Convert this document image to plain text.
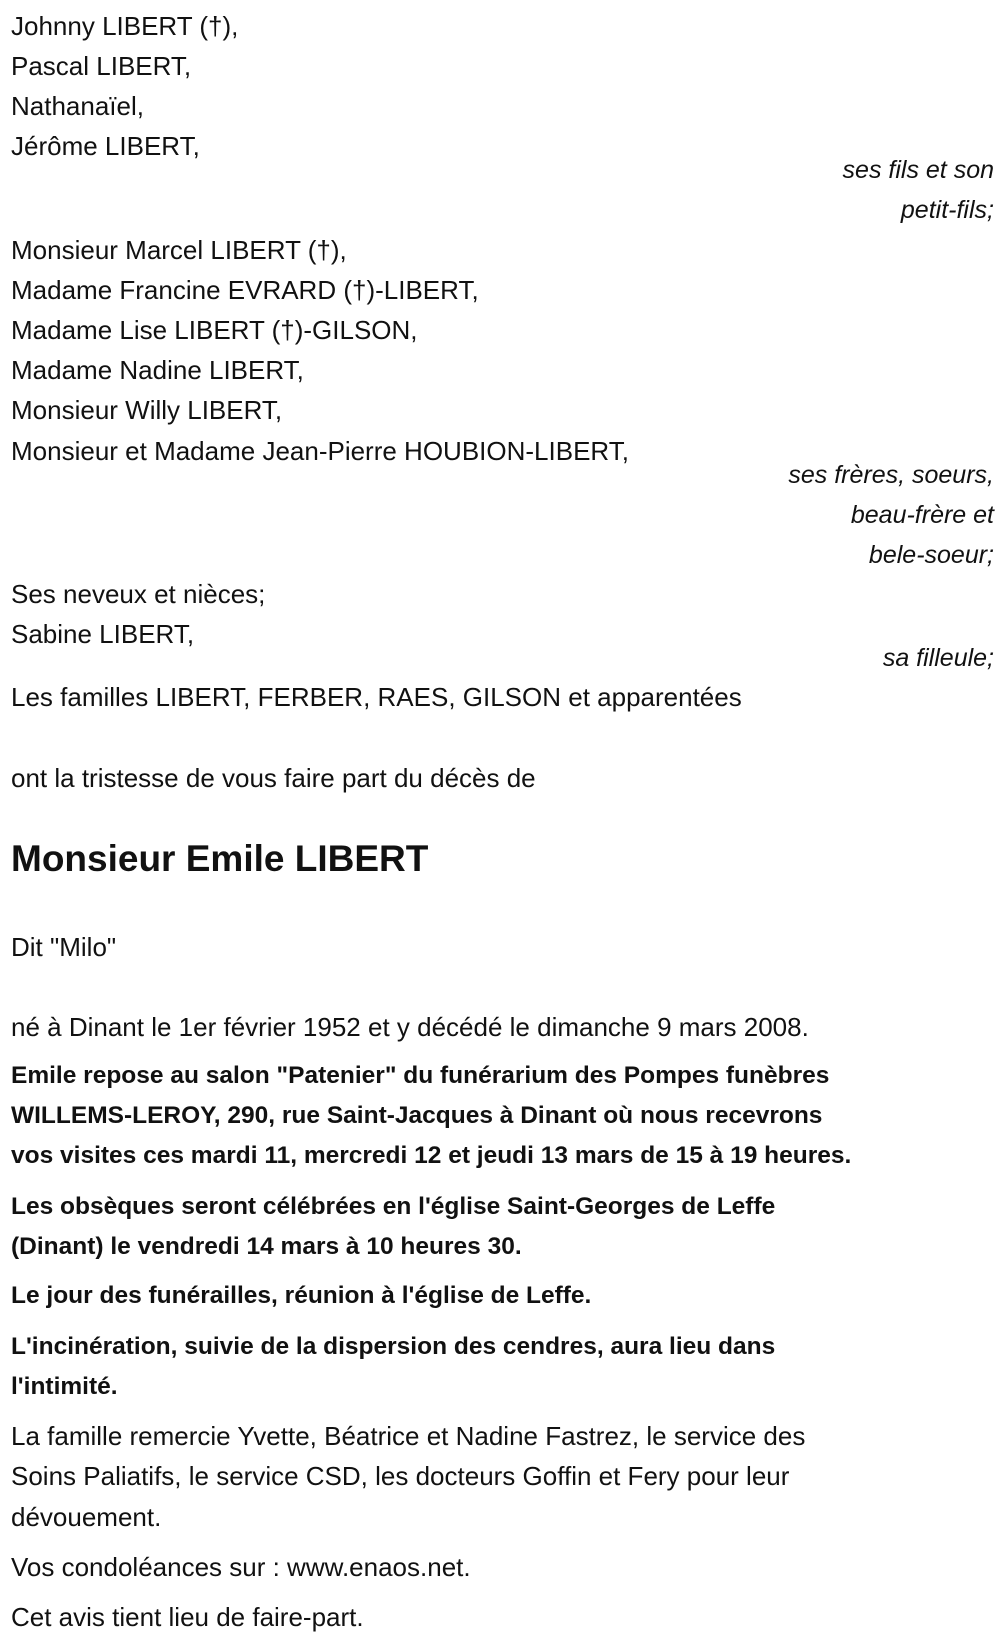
Johnny LIBERT (†),
Pascal LIBERT,
Nathanaïel,
Jérôme LIBERT,
ses fils et son
petit-fils;
Monsieur Marcel LIBERT (†),
Madame Francine EVRARD (†)-LIBERT,
Madame Lise LIBERT (†)-GILSON,
Madame Nadine LIBERT,
Monsieur Willy LIBERT,
Monsieur et Madame Jean-Pierre HOUBION-LIBERT,
ses frères, soeurs,
beau-frère et
bele-soeur;
Ses neveux et nièces;
Sabine LIBERT,
sa filleule;
Les familles LIBERT, FERBER, RAES, GILSON et apparentées
ont la tristesse de vous faire part du décès de
Monsieur Emile LIBERT
Dit "Milo"
né à Dinant le 1er février 1952 et y décédé le dimanche 9 mars 2008.
Emile repose au salon "Patenier" du funérarium des Pompes funèbres
WILLEMS-LEROY, 290, rue Saint-Jacques à Dinant où nous recevrons
vos visites ces mardi 11, mercredi 12 et jeudi 13 mars de 15 à 19 heures.
Les obsèques seront célébrées en l'église Saint-Georges de Leffe
(Dinant) le vendredi 14 mars à 10 heures 30.
Le jour des funérailles, réunion à l'église de Leffe.
L'incinération, suivie de la dispersion des cendres, aura lieu dans
l'intimité.
La famille remercie Yvette, Béatrice et Nadine Fastrez, le service des
Soins Paliatifs, le service CSD, les docteurs Goffin et Fery pour leur
dévouement.
Vos condoléances sur : www.enaos.net.
Cet avis tient lieu de faire-part.
